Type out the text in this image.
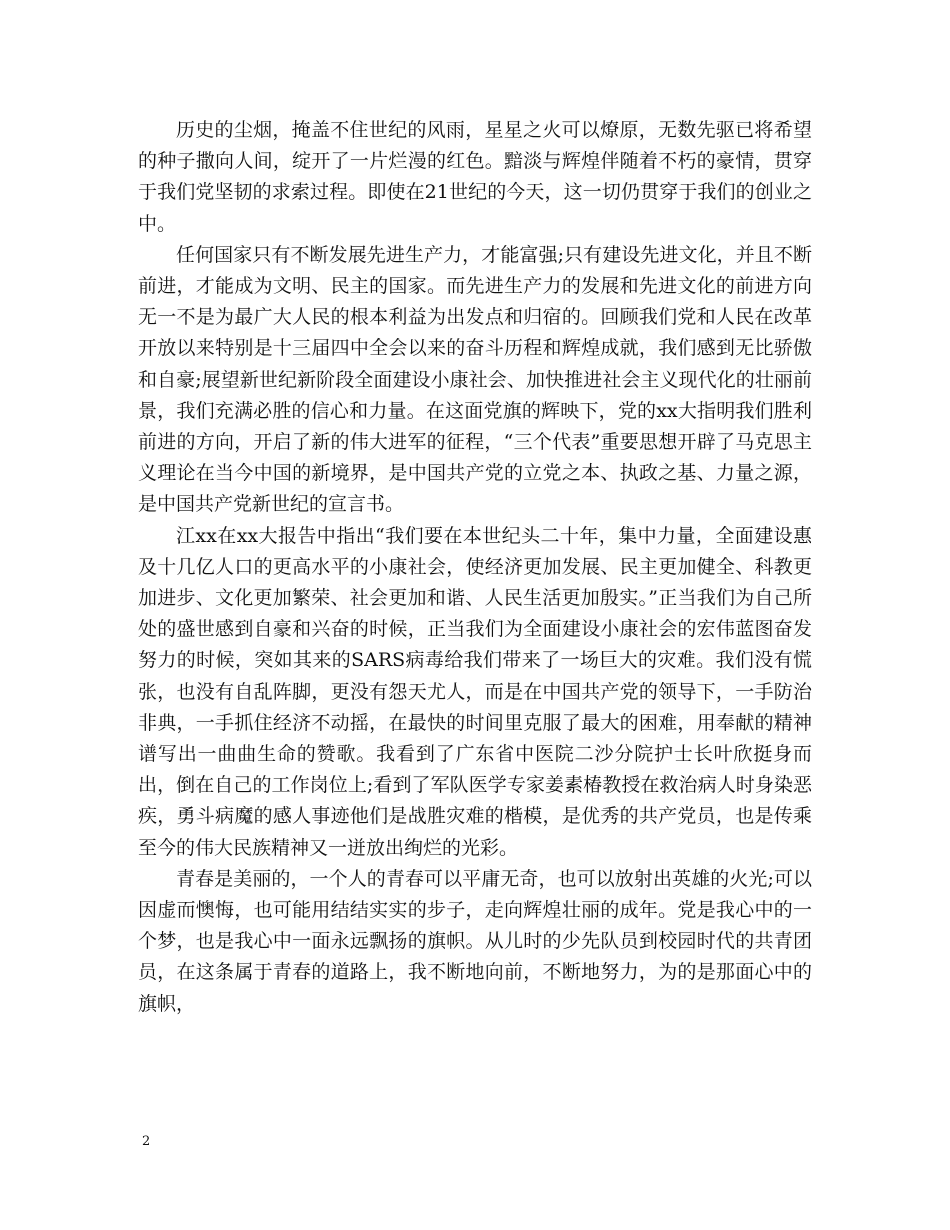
历史的尘烟，掩盖不住世纪的风雨，星星之火可以燎原，无数先驱已将希望的种子撒向人间，绽开了一片烂漫的红色。黯淡与辉煌伴随着不朽的豪情，贯穿于我们党坚韧的求索过程。即使在21世纪的今天，这一切仍贯穿于我们的创业之中。

任何国家只有不断发展先进生产力，才能富强;只有建设先进文化，并且不断前进，才能成为文明、民主的国家。而先进生产力的发展和先进文化的前进方向无一不是为最广大人民的根本利益为出发点和归宿的。回顾我们党和人民在改革开放以来特别是十三届四中全会以来的奋斗历程和辉煌成就，我们感到无比骄傲和自豪;展望新世纪新阶段全面建设小康社会、加快推进社会主义现代化的壮丽前景，我们充满必胜的信心和力量。在这面党旗的辉映下，党的xx大指明我们胜利前进的方向，开启了新的伟大进军的征程，“三个代表”重要思想开辟了马克思主义理论在当今中国的新境界，是中国共产党的立党之本、执政之基、力量之源，是中国共产党新世纪的宣言书。

江xx在xx大报告中指出“我们要在本世纪头二十年，集中力量，全面建设惠及十几亿人口的更高水平的小康社会，使经济更加发展、民主更加健全、科教更加进步、文化更加繁荣、社会更加和谐、人民生活更加殷实。”正当我们为自己所处的盛世感到自豪和兴奋的时候，正当我们为全面建设小康社会的宏伟蓝图奋发努力的时候，突如其来的SARS病毒给我们带来了一场巨大的灾难。我们没有慌张，也没有自乱阵脚，更没有怨天尤人，而是在中国共产党的领导下，一手防治非典，一手抓住经济不动摇，在最快的时间里克服了最大的困难，用奉献的精神谱写出一曲曲生命的赞歌。我看到了广东省中医院二沙分院护士长叶欣挺身而出，倒在自己的工作岗位上;看到了军队医学专家姜素椿教授在救治病人时身染恶疾，勇斗病魔的感人事迹他们是战胜灾难的楷模，是优秀的共产党员，也是传乘至今的伟大民族精神又一迸放出绚烂的光彩。

青春是美丽的，一个人的青春可以平庸无奇，也可以放射出英雄的火光;可以因虚而懊悔，也可能用结结实实的步子，走向辉煌壮丽的成年。党是我心中的一个梦，也是我心中一面永远飘扬的旗帜。从儿时的少先队员到校园时代的共青团员，在这条属于青春的道路上，我不断地向前，不断地努力，为的是那面心中的旗帜，

2
